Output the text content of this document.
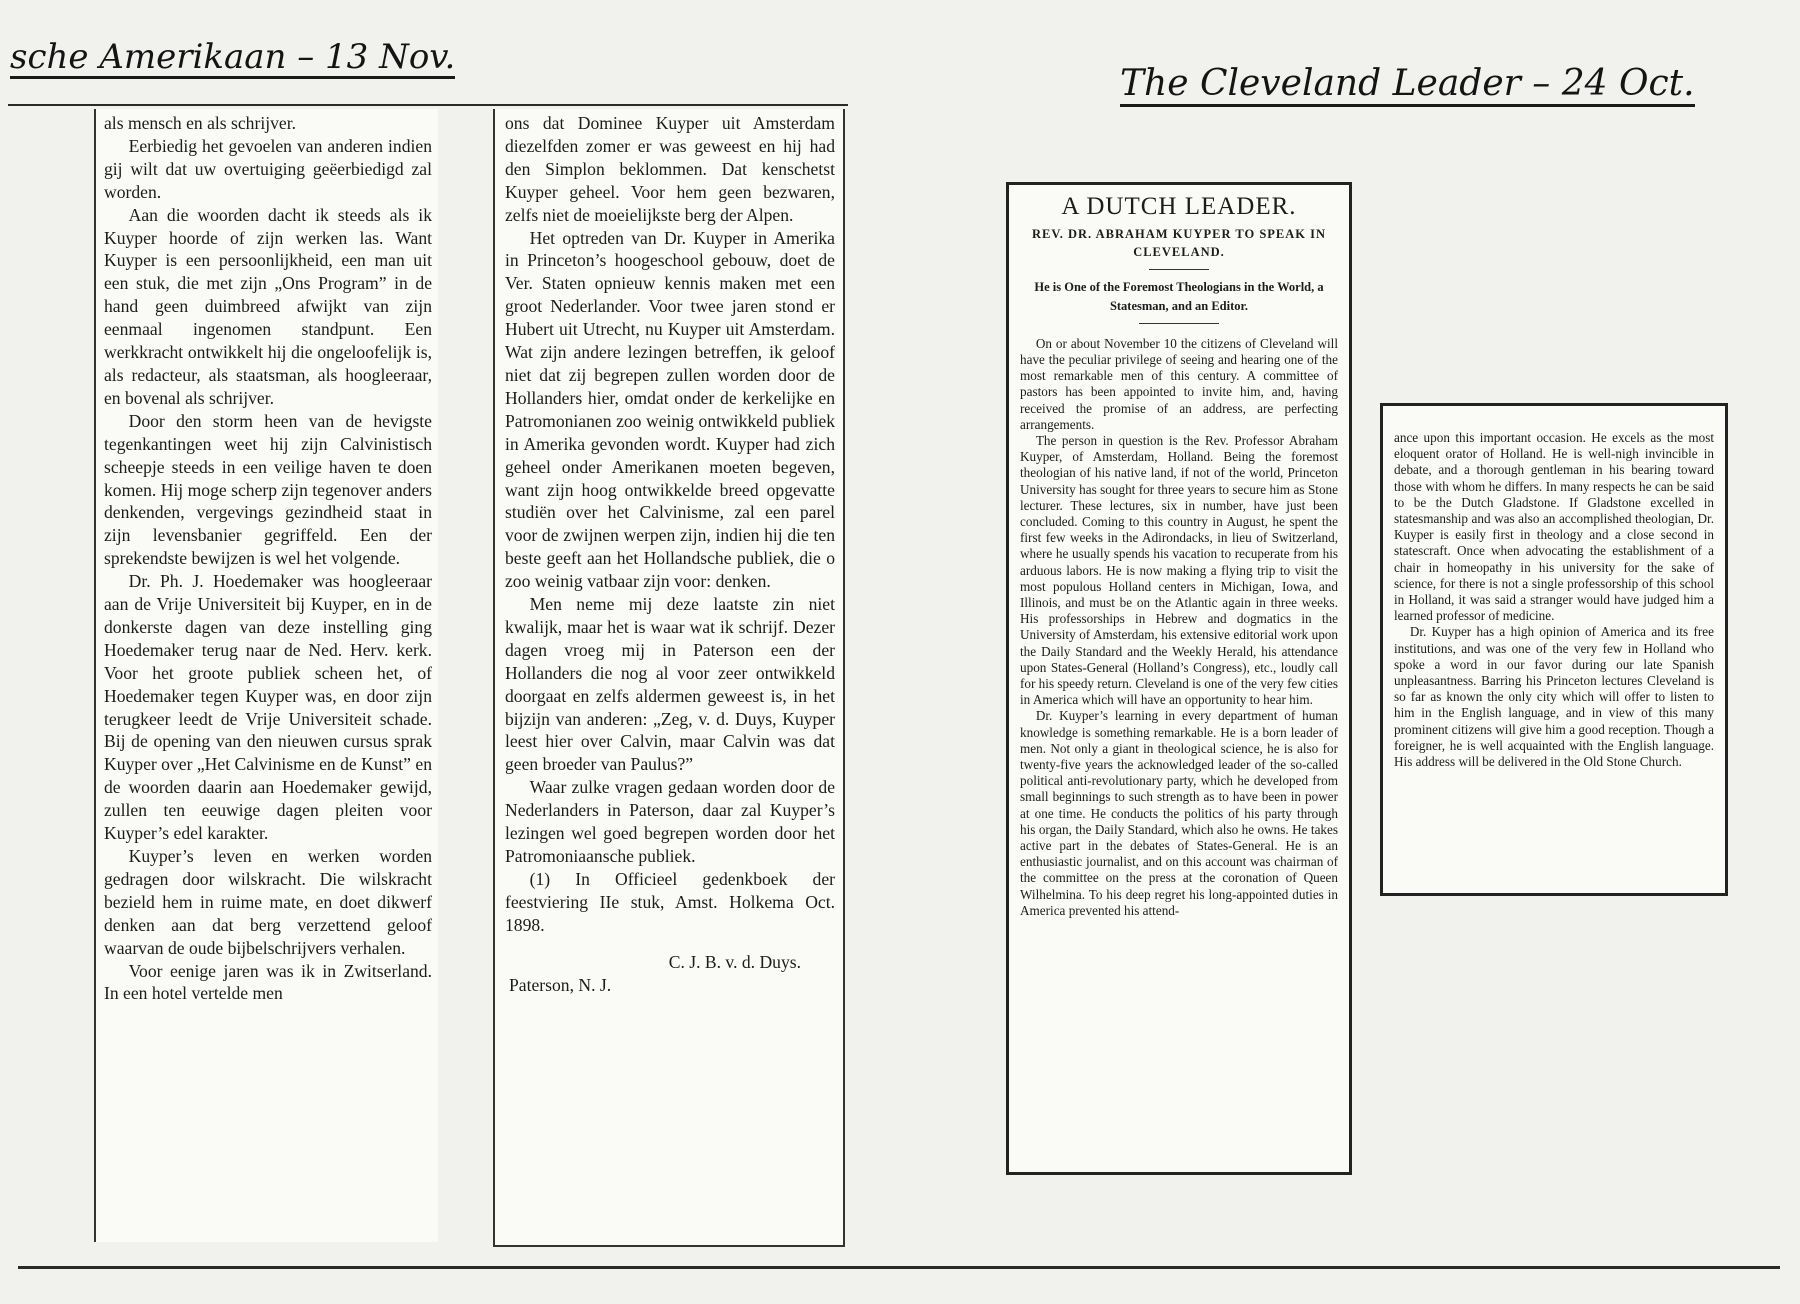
sche Amerikaan – 13 Nov.
The Cleveland Leader – 24 Oct.

als mensch en als schrijver.

Eerbiedig het gevoelen van anderen indien gij wilt dat uw overtuiging geëerbiedigd zal worden.

Aan die woorden dacht ik steeds als ik Kuyper hoorde of zijn werken las. Want Kuyper is een persoonlijkheid, een man uit een stuk, die met zijn „Ons Program” in de hand geen duimbreed afwijkt van zijn eenmaal ingenomen standpunt. Een werkkracht ontwikkelt hij die ongeloofelijk is, als redacteur, als staatsman, als hoogleeraar, en bovenal als schrijver.

Door den storm heen van de hevigste tegenkantingen weet hij zijn Calvinistisch scheepje steeds in een veilige haven te doen komen. Hij moge scherp zijn tegenover anders denkenden, vergevings gezindheid staat in zijn levensbanier gegriffeld. Een der sprekendste bewijzen is wel het volgende.

Dr. Ph. J. Hoedemaker was hoogleeraar aan de Vrije Universiteit bij Kuyper, en in de donkerste dagen van deze instelling ging Hoedemaker terug naar de Ned. Herv. kerk. Voor het groote publiek scheen het, of Hoedemaker tegen Kuyper was, en door zijn terugkeer leedt de Vrije Universiteit schade. Bij de opening van den nieuwen cursus sprak Kuyper over „Het Calvinisme en de Kunst” en de woorden daarin aan Hoedemaker gewijd, zullen ten eeuwige dagen pleiten voor Kuyper’s edel karakter.

Kuyper’s leven en werken worden gedragen door wilskracht. Die wilskracht bezield hem in ruime mate, en doet dikwerf denken aan dat berg verzettend geloof waarvan de oude bijbelschrijvers verhalen.

Voor eenige jaren was ik in Zwitserland. In een hotel vertelde men

ons dat Dominee Kuyper uit Amsterdam diezelfden zomer er was geweest en hij had den Simplon beklommen. Dat kenschetst Kuyper geheel. Voor hem geen bezwaren, zelfs niet de moeielijkste berg der Alpen.

Het optreden van Dr. Kuyper in Amerika in Princeton’s hoogeschool gebouw, doet de Ver. Staten opnieuw kennis maken met een groot Nederlander. Voor twee jaren stond er Hubert uit Utrecht, nu Kuyper uit Amsterdam. Wat zijn andere lezingen betreffen, ik geloof niet dat zij begrepen zullen worden door de Hollanders hier, omdat onder de kerkelijke en Patromonianen zoo weinig ontwikkeld publiek in Amerika gevonden wordt. Kuyper had zich geheel onder Amerikanen moeten begeven, want zijn hoog ontwikkelde breed opgevatte studiën over het Calvinisme, zal een parel voor de zwijnen werpen zijn, indien hij die ten beste geeft aan het Hollandsche publiek, die o zoo weinig vatbaar zijn voor: denken.

Men neme mij deze laatste zin niet kwalijk, maar het is waar wat ik schrijf. Dezer dagen vroeg mij in Paterson een der Hollanders die nog al voor zeer ontwikkeld doorgaat en zelfs aldermen geweest is, in het bijzijn van anderen: „Zeg, v. d. Duys, Kuyper leest hier over Calvin, maar Calvin was dat geen broeder van Paulus?”

Waar zulke vragen gedaan worden door de Nederlanders in Paterson, daar zal Kuyper’s lezingen wel goed begrepen worden door het Patromoniaansche publiek.

(1) In Officieel gedenkboek der feestviering IIe stuk, Amst. Holkema Oct. 1898.

C. J. B. v. d. Duys.

Paterson, N. J.

A DUTCH LEADER.
REV. DR. ABRAHAM KUYPER TO SPEAK IN CLEVELAND.
He is One of the Foremost Theologians in the World, a Statesman, and an Editor.

On or about November 10 the citizens of Cleveland will have the peculiar privilege of seeing and hearing one of the most remarkable men of this century. A committee of pastors has been appointed to invite him, and, having received the promise of an address, are perfecting arrangements.

The person in question is the Rev. Professor Abraham Kuyper, of Amsterdam, Holland. Being the foremost theologian of his native land, if not of the world, Princeton University has sought for three years to secure him as Stone lecturer. These lectures, six in number, have just been concluded. Coming to this country in August, he spent the first few weeks in the Adirondacks, in lieu of Switzerland, where he usually spends his vacation to recuperate from his arduous labors. He is now making a flying trip to visit the most populous Holland centers in Michigan, Iowa, and Illinois, and must be on the Atlantic again in three weeks. His professorships in Hebrew and dogmatics in the University of Amsterdam, his extensive editorial work upon the Daily Standard and the Weekly Herald, his attendance upon States-General (Holland’s Congress), etc., loudly call for his speedy return. Cleveland is one of the very few cities in America which will have an opportunity to hear him.

Dr. Kuyper’s learning in every department of human knowledge is something remarkable. He is a born leader of men. Not only a giant in theological science, he is also for twenty-five years the acknowledged leader of the so-called political anti-revolutionary party, which he developed from small beginnings to such strength as to have been in power at one time. He conducts the politics of his party through his organ, the Daily Standard, which also he owns. He takes active part in the debates of States-General. He is an enthusiastic journalist, and on this account was chairman of the committee on the press at the coronation of Queen Wilhelmina. To his deep regret his long-appointed duties in America prevented his attend-

ance upon this important occasion. He excels as the most eloquent orator of Holland. He is well-nigh invincible in debate, and a thorough gentleman in his bearing toward those with whom he differs. In many respects he can be said to be the Dutch Gladstone. If Gladstone excelled in statesmanship and was also an accomplished theologian, Dr. Kuyper is easily first in theology and a close second in statescraft. Once when advocating the establishment of a chair in homeopathy in his university for the sake of science, for there is not a single professorship of this school in Holland, it was said a stranger would have judged him a learned professor of medicine.

Dr. Kuyper has a high opinion of America and its free institutions, and was one of the very few in Holland who spoke a word in our favor during our late Spanish unpleasantness. Barring his Princeton lectures Cleveland is so far as known the only city which will offer to listen to him in the English language, and in view of this many prominent citizens will give him a good reception. Though a foreigner, he is well acquainted with the English language. His address will be delivered in the Old Stone Church.
